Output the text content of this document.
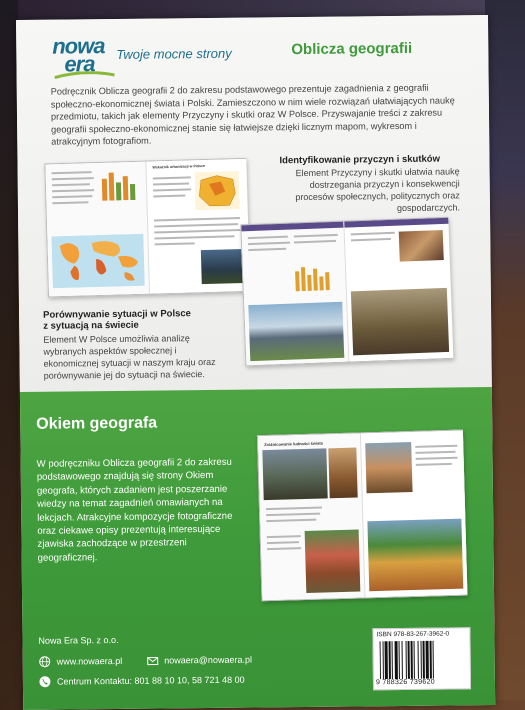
nowa
era Twoje mocne strony	Oblicza geografii
Podręcznik Oblicza geografii 2 do zakresu podstawowego prezentuje zagadnienia z geografii społeczno-ekonomicznej świata i Polski. Zamieszczono w nim wiele rozwiązań ułatwiających naukę przedmiotu, takich jak elementy Przyczyny i skutki oraz W Polsce. Przyswajanie treści z zakresu geografii społeczno-ekonomicznej stanie się łatwiejsze dzięki licznym mapom, wykresom i atrakcyjnym fotografiom.
Wskaźnik urbanizacji w Polsce
Identyfikowanie przyczyn i skutków
Element Przyczyny i skutki ułatwia naukę dostrzegania przyczyn i konsekwencji procesów społecznych, politycznych oraz gospodarczych.
Porównywanie sytuacji w Polsce z sytuacją na świecie
Element W Polsce umożliwia analizę wybranych aspektów społecznej i ekonomicznej sytuacji w naszym kraju oraz porównywanie jej do sytuacji na świecie.
Okiem geografa
W podręczniku Oblicza geografii 2 do zakresu podstawowego znajdują się strony Okiem geografa, których zadaniem jest poszerzanie wiedzy na temat zagadnień omawianych na lekcjach. Atrakcyjne kompozycje fotograficzne oraz ciekawe opisy prezentują interesujące zjawiska zachodzące w przestrzeni geograficznej.
Zróżnicowanie ludności świata
Nowa Era Sp. z o.o.
www.nowaera.pl	nowaera@nowaera.pl
Centrum Kontaktu: 801 88 10 10, 58 721 48 00
ISBN 978-83-267-3962-0
9 788326 739620
